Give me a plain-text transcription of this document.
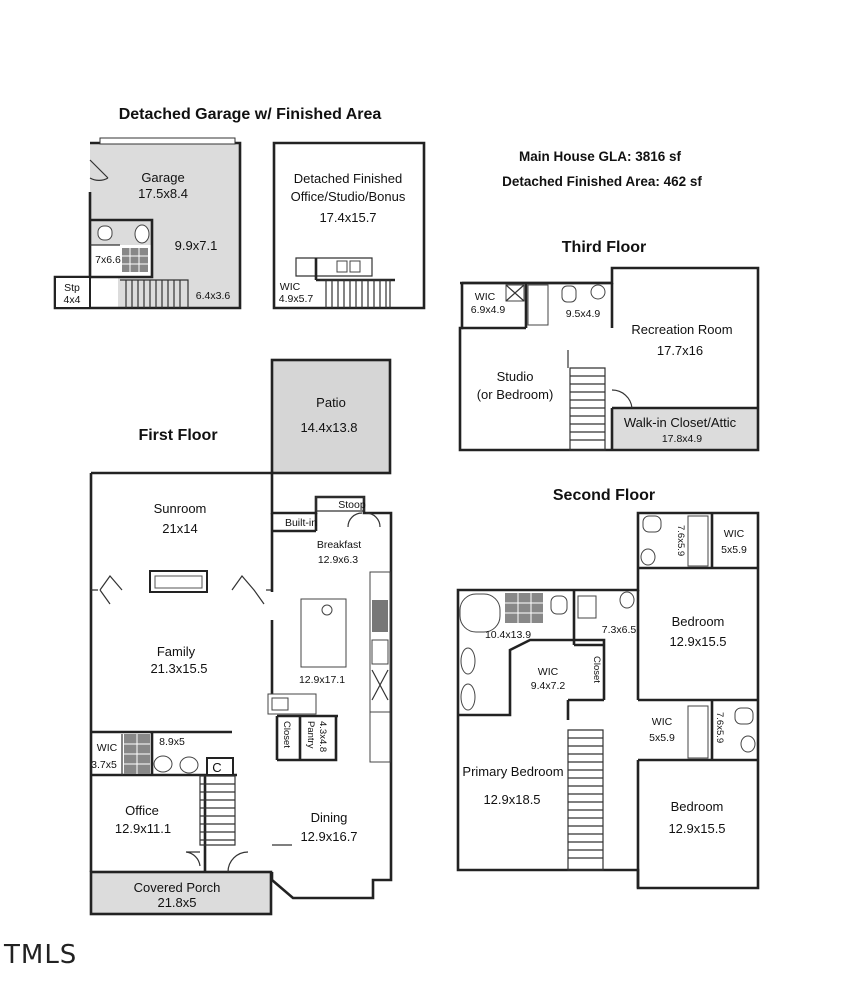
Detached Garage w/ Finished Area
Main House GLA: 3816 sf
Detached Finished Area: 462 sf
Third Floor
First Floor
Second Floor
Garage
17.5x8.4
7x6.6
9.9x7.1
6.4x3.6
Stp
4x4
Detached Finished
Office/Studio/Bonus
17.4x15.7
WIC
4.9x5.7	WIC
6.9x4.9	9.5x4.9
Recreation Room
17.7x16
Studio
(or Bedroom)
Walk-in Closet/Attic
17.8x4.9
Sunroom
21x14
Patio
14.4x13.8
Stoop
Built-in
Breakfast
12.9x6.3
Family
21.3x15.5
12.9x17.1
Closet Pantry 4.3x4.8
WIC
3.7x5
8.9x5
C
Office
12.9x11.1
Dining
12.9x16.7
Covered Porch
21.8x5
WIC
5x5.9
7.6x5.9
Bedroom
12.9x15.5
10.4x13.9	7.3x6.5
WIC
9.4x7.2
Closet
WIC
5x5.9	7.6x5.9
Primary Bedroom
12.9x18.5	Bedroom
12.9x15.5
TMLS
